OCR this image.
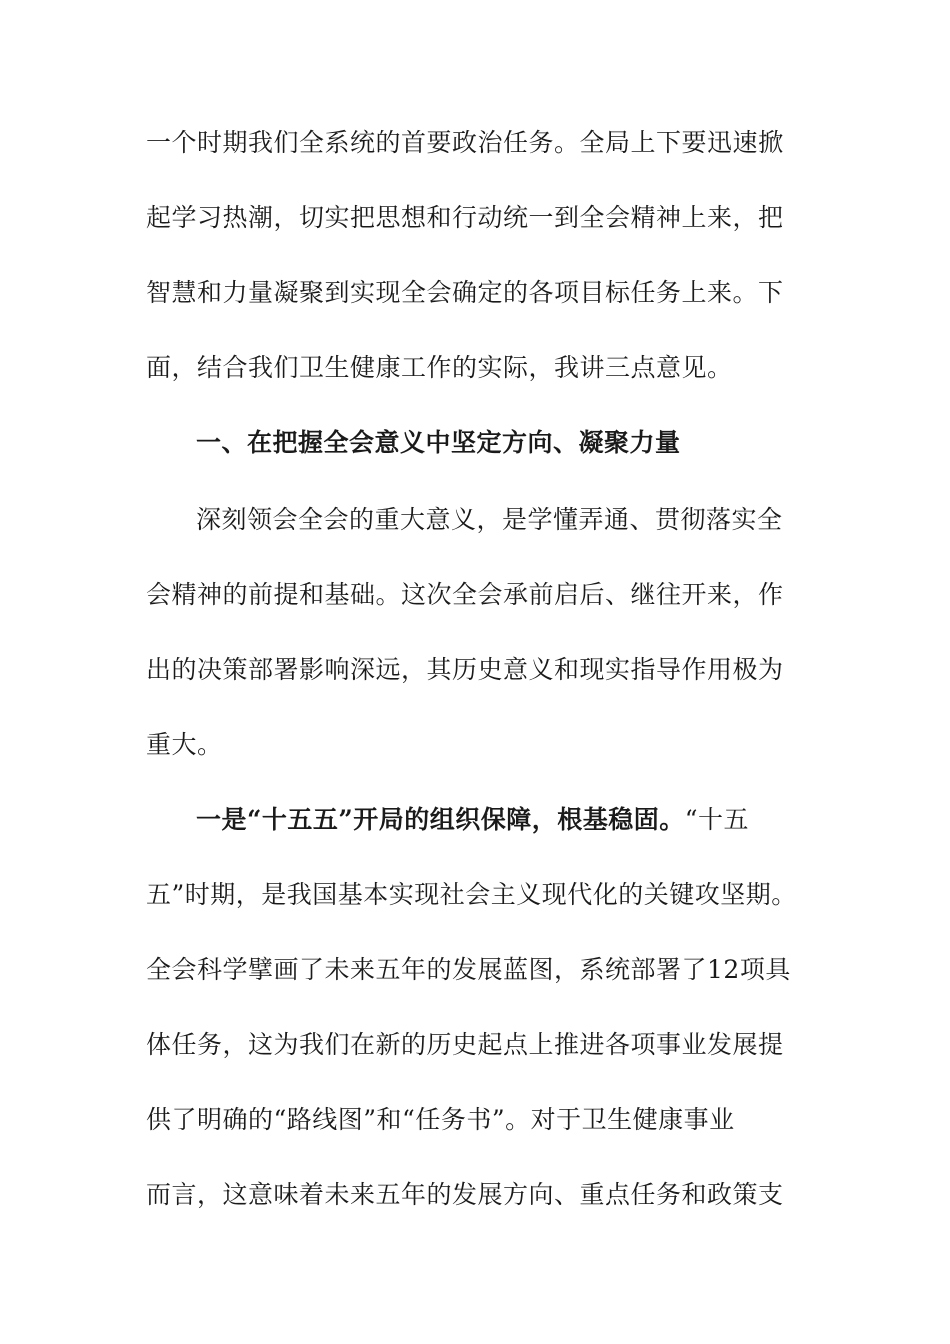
一个时期我们全系统的首要政治任务。全局上下要迅速掀
起学习热潮，切实把思想和行动统一到全会精神上来，把
智慧和力量凝聚到实现全会确定的各项目标任务上来。下
面，结合我们卫生健康工作的实际，我讲三点意见。
一、在把握全会意义中坚定方向、凝聚力量
深刻领会全会的重大意义，是学懂弄通、贯彻落实全
会精神的前提和基础。这次全会承前启后、继往开来，作
出的决策部署影响深远，其历史意义和现实指导作用极为
重大。
一是“十五五”开局的组织保障，根基稳固。“十五
五”时期，是我国基本实现社会主义现代化的关键攻坚期。
全会科学擘画了未来五年的发展蓝图，系统部署了12项具
体任务，这为我们在新的历史起点上推进各项事业发展提
供了明确的“路线图”和“任务书”。对于卫生健康事业
而言，这意味着未来五年的发展方向、重点任务和政策支
